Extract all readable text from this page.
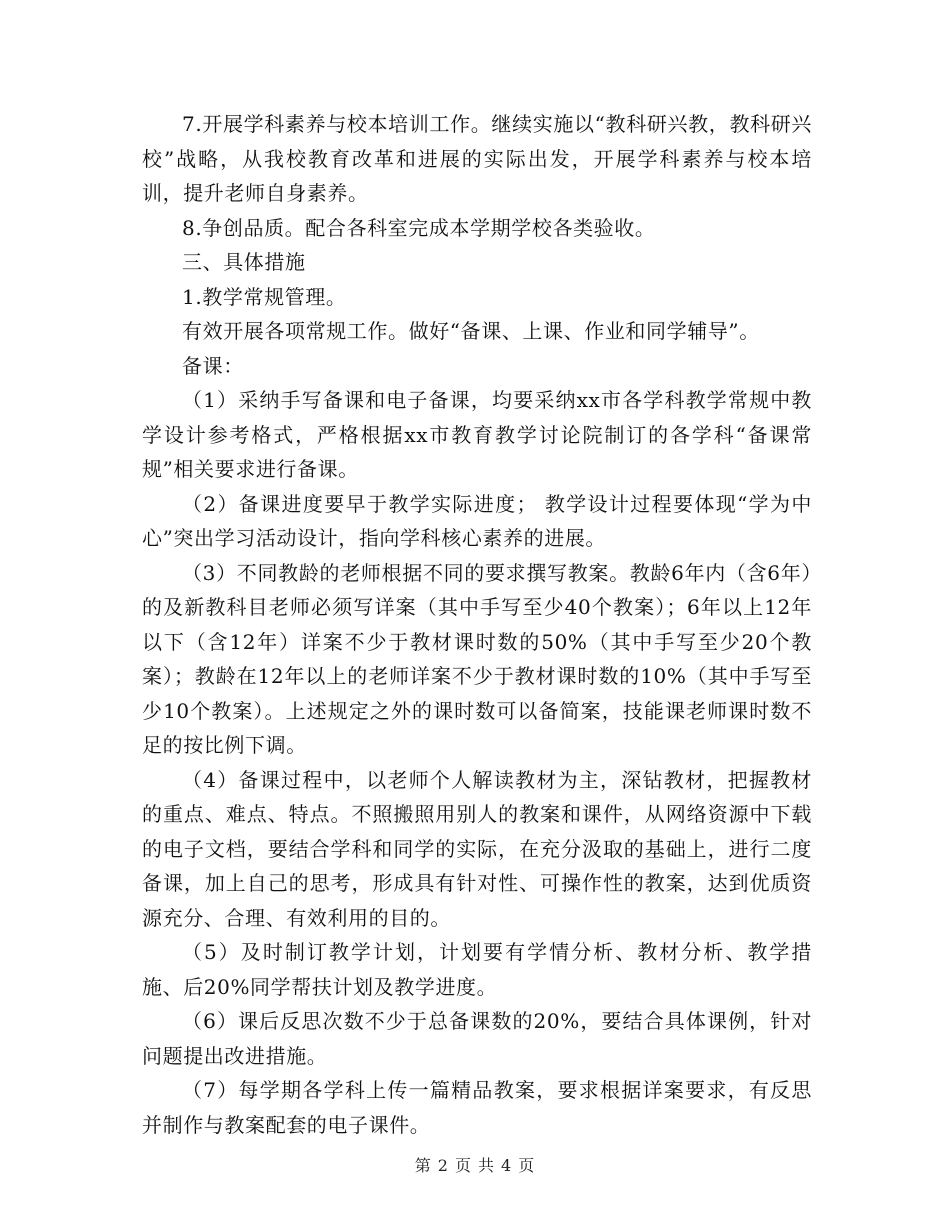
7.开展学科素养与校本培训工作。继续实施以“教科研兴教，教科研兴校”战略，从我校教育改革和进展的实际出发，开展学科素养与校本培训，提升老师自身素养。

8.争创品质。配合各科室完成本学期学校各类验收。

三、具体措施

1.教学常规管理。

有效开展各项常规工作。做好“备课、上课、作业和同学辅导”。

备课：

（1）采纳手写备课和电子备课，均要采纳xx市各学科教学常规中教学设计参考格式，严格根据xx市教育教学讨论院制订的各学科“备课常规”相关要求进行备课。

（2）备课进度要早于教学实际进度； 教学设计过程要体现“学为中心”突出学习活动设计，指向学科核心素养的进展。

（3）不同教龄的老师根据不同的要求撰写教案。教龄6年内（含6年）的及新教科目老师必须写详案（其中手写至少40个教案）；6年以上12年以下（含12年）详案不少于教材课时数的50%（其中手写至少20个教案）；教龄在12年以上的老师详案不少于教材课时数的10%（其中手写至少10个教案）。上述规定之外的课时数可以备简案，技能课老师课时数不足的按比例下调。

（4）备课过程中，以老师个人解读教材为主，深钻教材，把握教材的重点、难点、特点。不照搬照用别人的教案和课件，从网络资源中下载的电子文档，要结合学科和同学的实际，在充分汲取的基础上，进行二度备课，加上自己的思考，形成具有针对性、可操作性的教案，达到优质资源充分、合理、有效利用的目的。

（5）及时制订教学计划，计划要有学情分析、教材分析、教学措施、后20%同学帮扶计划及教学进度。

（6）课后反思次数不少于总备课数的20%，要结合具体课例，针对问题提出改进措施。

（7）每学期各学科上传一篇精品教案，要求根据详案要求，有反思并制作与教案配套的电子课件。

第 2 页 共 4 页
